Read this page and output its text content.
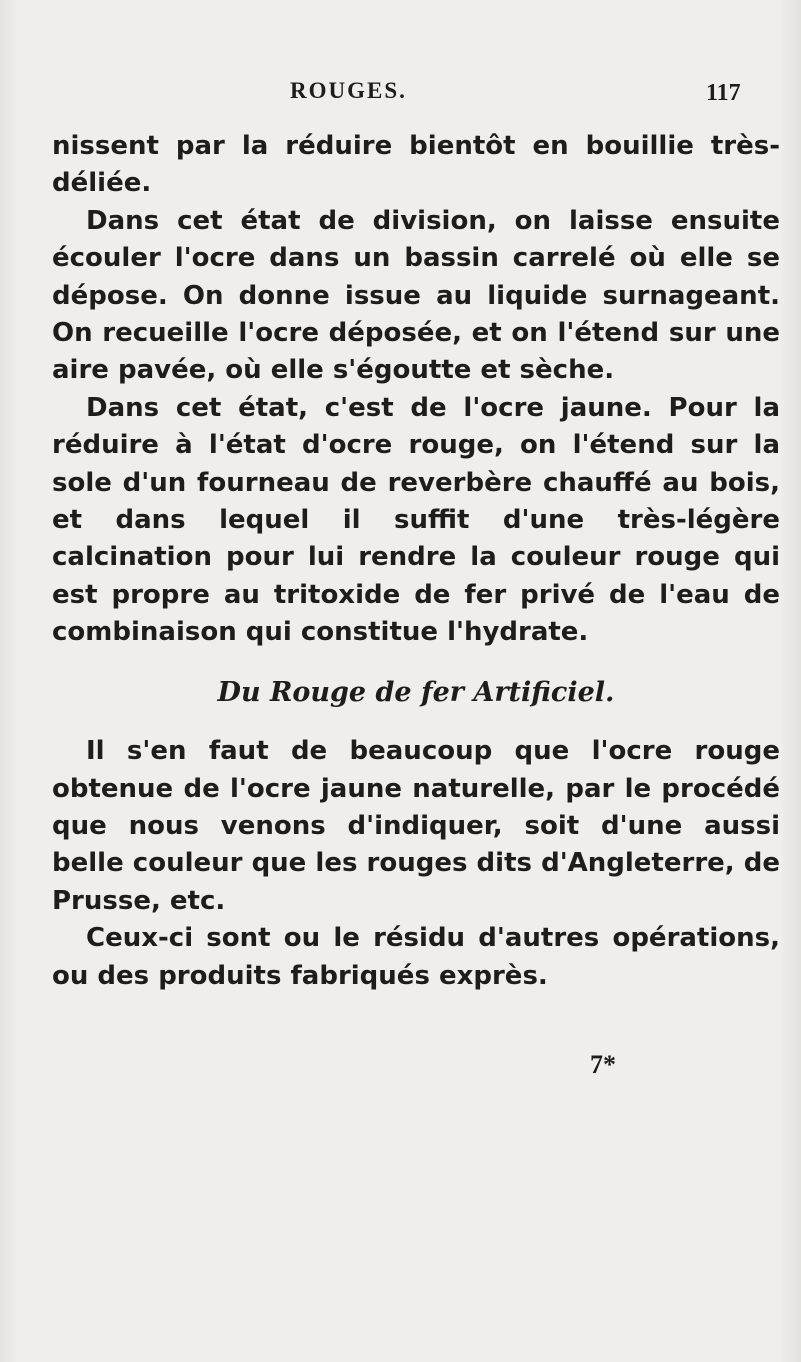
ROUGES.	117

nissent par la réduire bientôt en bouillie très-déliée.

Dans cet état de division, on laisse ensuite écouler l'ocre dans un bassin carrelé où elle se dépose. On donne issue au liquide surnageant. On recueille l'ocre déposée, et on l'étend sur une aire pavée, où elle s'égoutte et sèche.

Dans cet état, c'est de l'ocre jaune. Pour la réduire à l'état d'ocre rouge, on l'étend sur la sole d'un fourneau de reverbère chauffé au bois, et dans lequel il suffit d'une très-légère calcination pour lui rendre la couleur rouge qui est propre au tritoxide de fer privé de l'eau de combinaison qui constitue l'hydrate.

Du Rouge de fer Artificiel.

Il s'en faut de beaucoup que l'ocre rouge obtenue de l'ocre jaune naturelle, par le procédé que nous venons d'indiquer, soit d'une aussi belle couleur que les rouges dits d'Angleterre, de Prusse, etc.

Ceux-ci sont ou le résidu d'autres opérations, ou des produits fabriqués exprès.

7*
